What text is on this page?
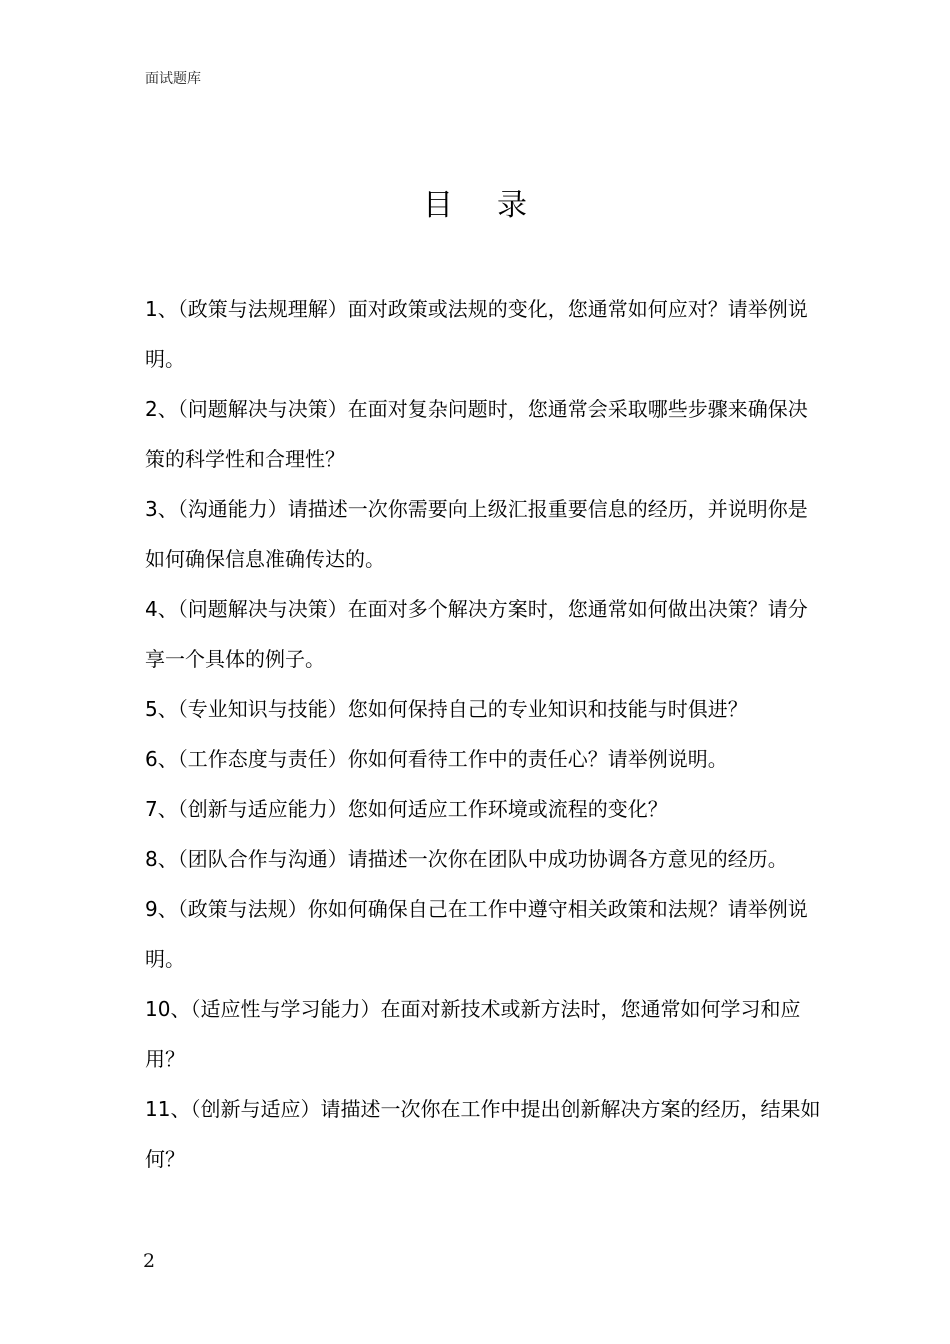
面试题库
目录
1、（政策与法规理解）面对政策或法规的变化，您通常如何应对？请举例说明。
2、（问题解决与决策）在面对复杂问题时，您通常会采取哪些步骤来确保决策的科学性和合理性？
3、（沟通能力）请描述一次你需要向上级汇报重要信息的经历，并说明你是如何确保信息准确传达的。
4、（问题解决与决策）在面对多个解决方案时，您通常如何做出决策？请分享一个具体的例子。
5、（专业知识与技能）您如何保持自己的专业知识和技能与时俱进？
6、（工作态度与责任）你如何看待工作中的责任心？请举例说明。
7、（创新与适应能力）您如何适应工作环境或流程的变化？
8、（团队合作与沟通）请描述一次你在团队中成功协调各方意见的经历。
9、（政策与法规）你如何确保自己在工作中遵守相关政策和法规？请举例说明。
10、（适应性与学习能力）在面对新技术或新方法时，您通常如何学习和应用？
11、（创新与适应）请描述一次你在工作中提出创新解决方案的经历，结果如何？
2
